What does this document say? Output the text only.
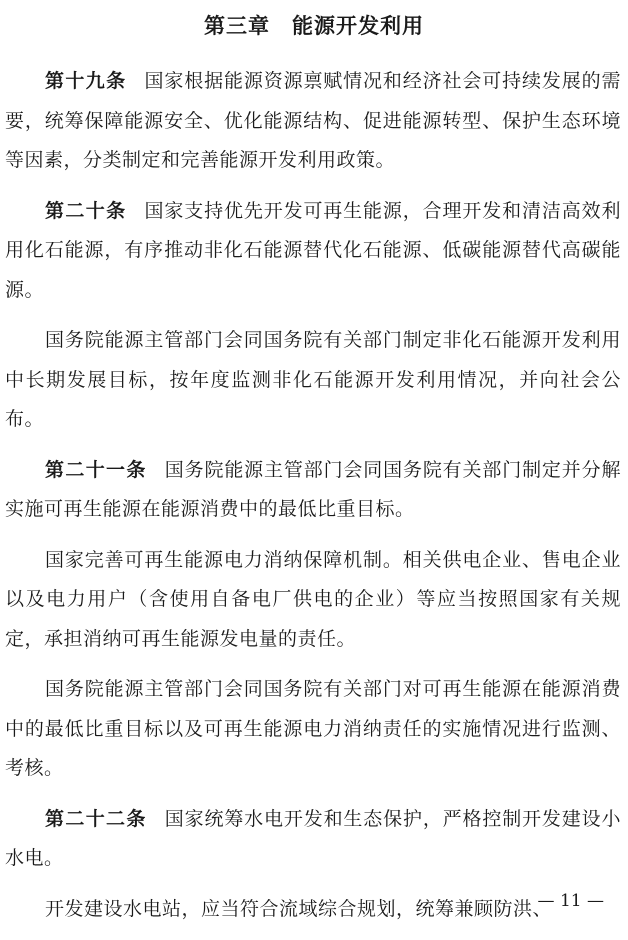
第三章　能源开发利用

第十九条 国家根据能源资源禀赋情况和经济社会可持续发展的需要，统筹保障能源安全、优化能源结构、促进能源转型、保护生态环境等因素，分类制定和完善能源开发利用政策。

第二十条 国家支持优先开发可再生能源，合理开发和清洁高效利用化石能源，有序推动非化石能源替代化石能源、低碳能源替代高碳能源。

国务院能源主管部门会同国务院有关部门制定非化石能源开发利用中长期发展目标，按年度监测非化石能源开发利用情况，并向社会公布。

第二十一条 国务院能源主管部门会同国务院有关部门制定并分解实施可再生能源在能源消费中的最低比重目标。

国家完善可再生能源电力消纳保障机制。相关供电企业、售电企业以及电力用户（含使用自备电厂供电的企业）等应当按照国家有关规定，承担消纳可再生能源发电量的责任。

国务院能源主管部门会同国务院有关部门对可再生能源在能源消费中的最低比重目标以及可再生能源电力消纳责任的实施情况进行监测、考核。

第二十二条 国家统筹水电开发和生态保护，严格控制开发建设小水电。

开发建设水电站，应当符合流域综合规划，统筹兼顾防洪、

— 11 —
